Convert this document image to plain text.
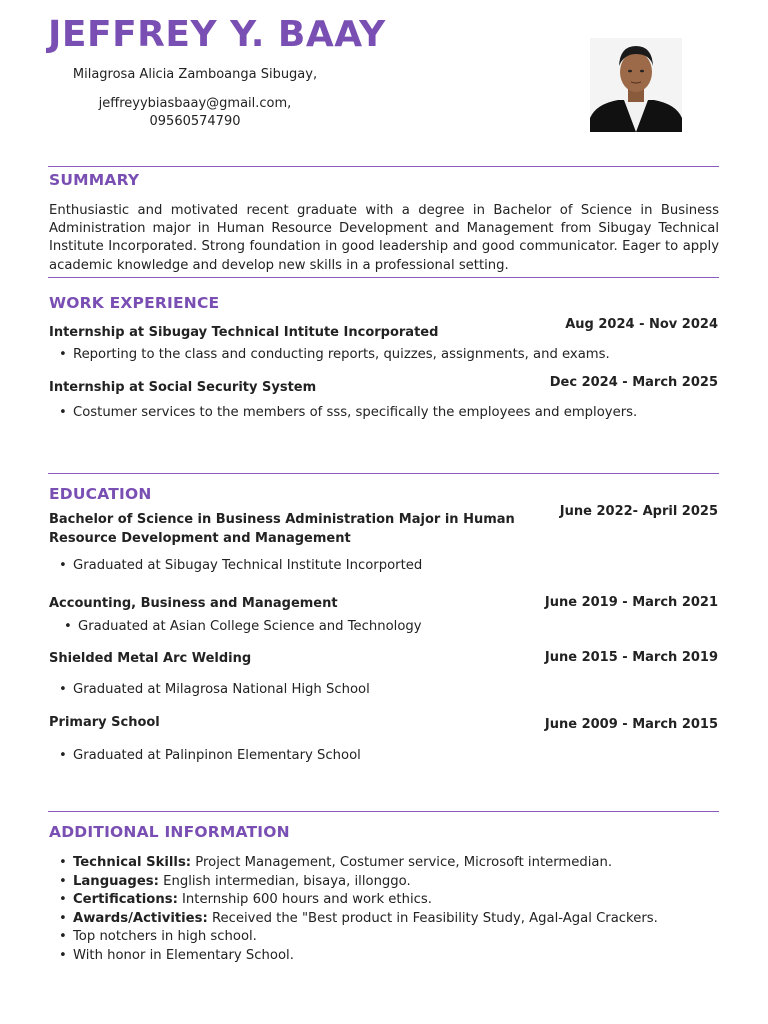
JEFFREY Y. BAAY
Milagrosa Alicia Zamboanga Sibugay,
jeffreyybiasbaay@gmail.com,
09560574790
SUMMARY
Enthusiastic and motivated recent graduate with a degree in Bachelor of Science in Business Administration major in Human Resource Development and Management from Sibugay Technical Institute Incorporated. Strong foundation in good leadership and good communicator. Eager to apply academic knowledge and develop new skills in a professional setting.
WORK EXPERIENCE
Internship at Sibugay Technical Intitute Incorporated
Aug 2024 - Nov 2024
• Reporting to the class and conducting reports, quizzes, assignments, and exams.
Internship at Social Security System	Dec 2024 - March 2025
• Costumer services to the members of sss, specifically the employees and employers.
EDUCATION
Bachelor of Science in Business Administration Major in Human
Resource Development and Management
June 2022- April 2025
• Graduated at Sibugay Technical Institute Incorported
Accounting, Business and Management	June 2019 - March 2021
• Graduated at Asian College Science and Technology
Shielded Metal Arc Welding	June 2015 - March 2019
• Graduated at Milagrosa National High School
Primary School	June 2009 - March 2015
• Graduated at Palinpinon Elementary School
ADDITIONAL INFORMATION
• Technical Skills: Project Management, Costumer service, Microsoft intermedian.
• Languages: English intermedian, bisaya, illonggo.
• Certifications: Internship 600 hours and work ethics.
• Awards/Activities: Received the "Best product in Feasibility Study, Agal-Agal Crackers.
• Top notchers in high school.
• With honor in Elementary School.
